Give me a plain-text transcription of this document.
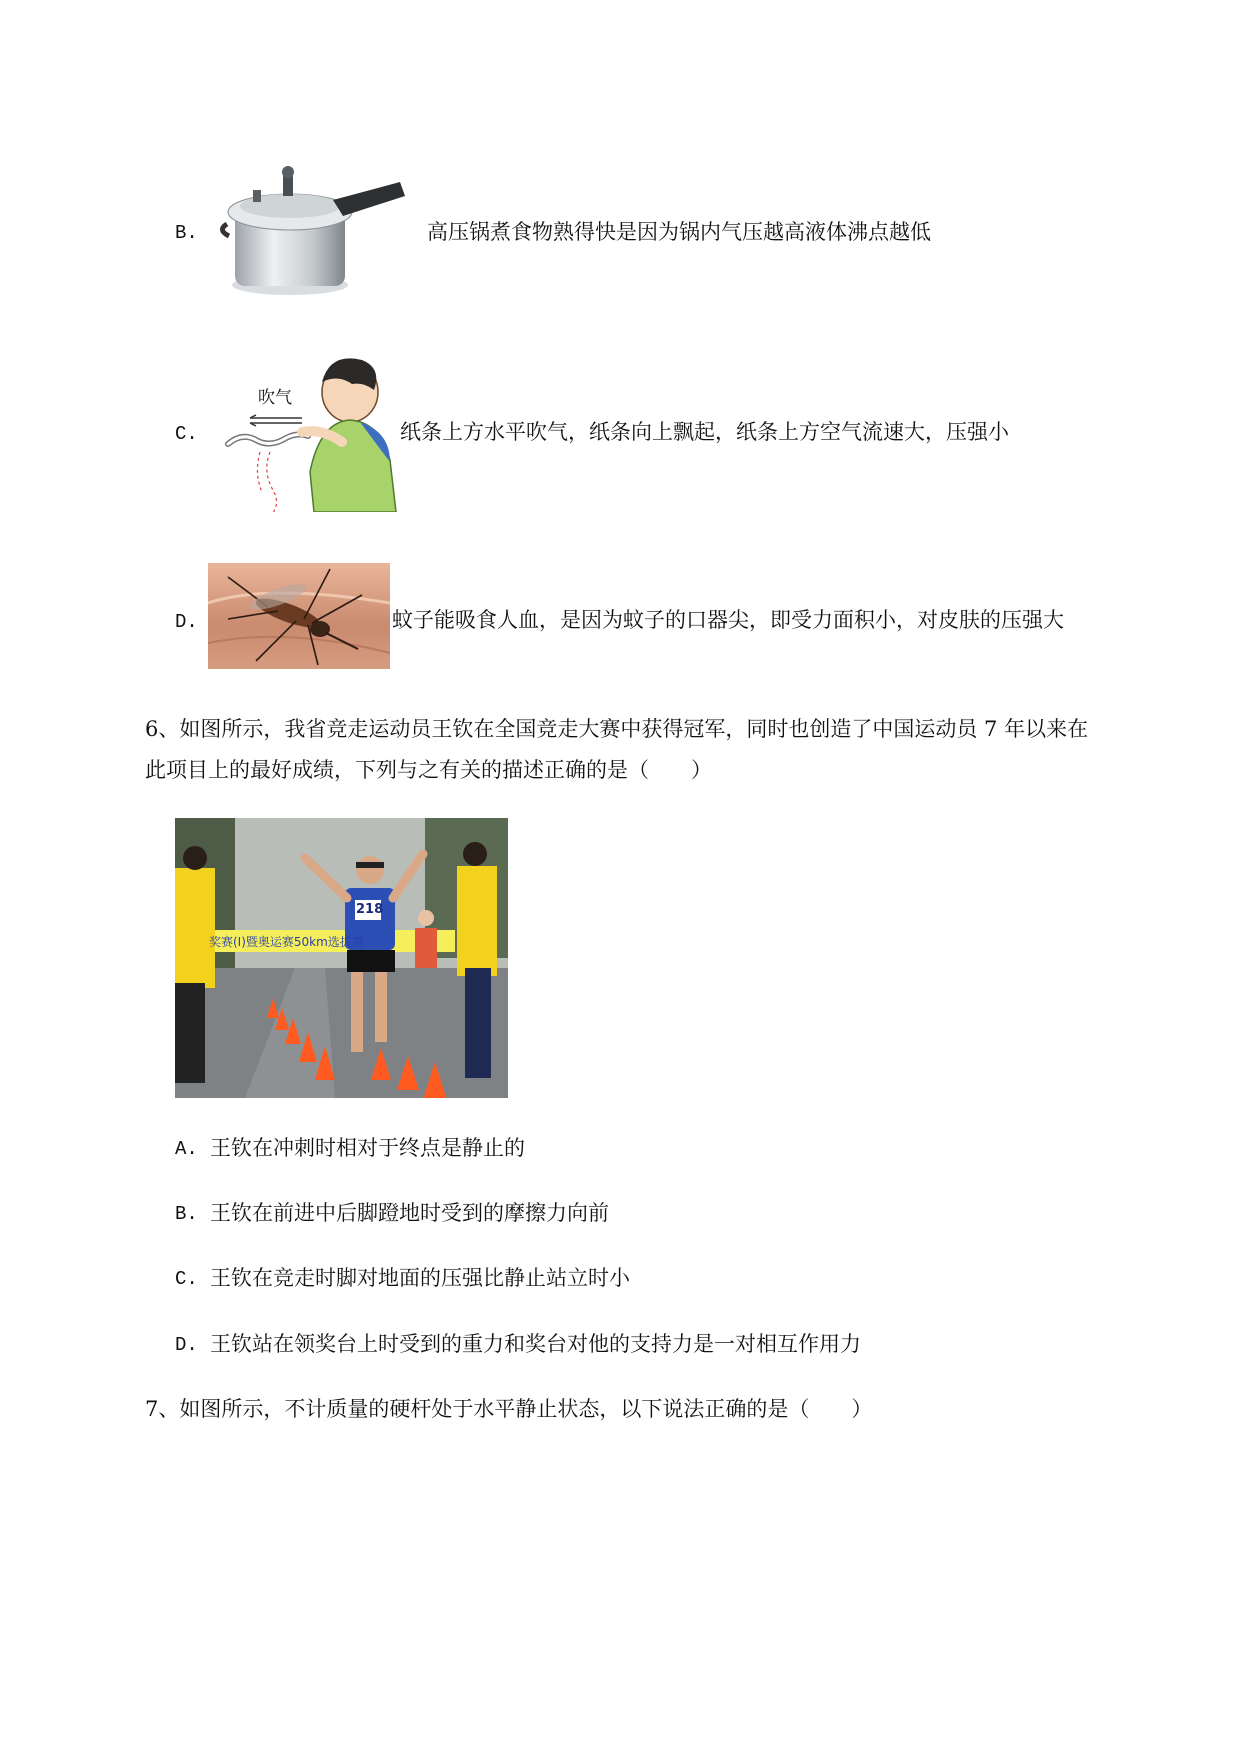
B.	高压锅煮食物熟得快是因为锅内气压越高液体沸点越低
C.
吹气
纸条上方水平吹气，纸条向上飘起，纸条上方空气流速大，压强小
D.	蚊子能吸食人血，是因为蚊子的口器尖，即受力面积小，对皮肤的压强大
6、如图所示，我省竞走运动员王钦在全国竞走大赛中获得冠军，同时也创造了中国运动员 7 年以来在
此项目上的最好成绩，下列与之有关的描述正确的是（　　）
218
奖赛(Ⅰ)暨奥运赛50km选拔赛
A. 王钦在冲刺时相对于终点是静止的
B. 王钦在前进中后脚蹬地时受到的摩擦力向前
C. 王钦在竞走时脚对地面的压强比静止站立时小
D. 王钦站在领奖台上时受到的重力和奖台对他的支持力是一对相互作用力
7、如图所示，不计质量的硬杆处于水平静止状态，以下说法正确的是（　　）
